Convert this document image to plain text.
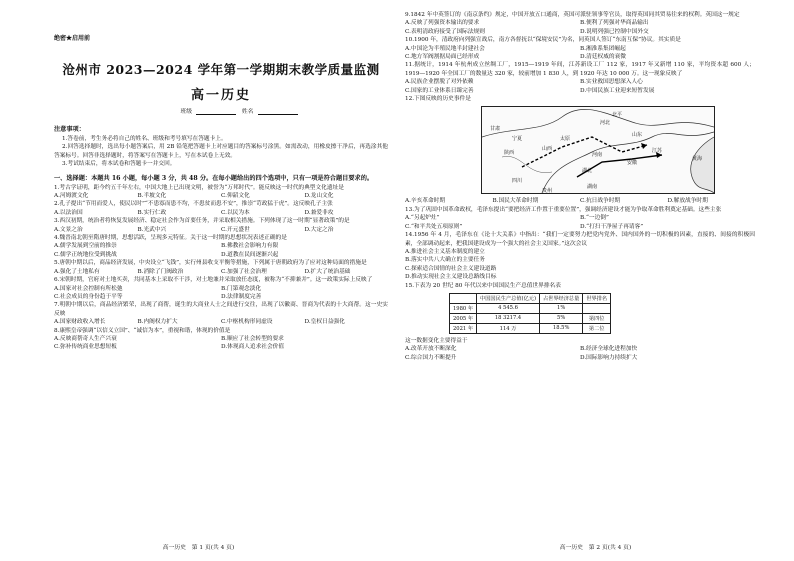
绝密★启用前
沧州市 2023—2024 学年第一学期期末教学质量监测
高一历史
班级	姓名
注意事项：

1.答卷前，考生务必将自己的姓名、班级和考号填写在答题卡上。

2.回答选择题时，选出每小题答案后，用 2B 铅笔把答题卡上对应题目的答案标号涂黑。如需改动，用橡皮擦干净后，再选涂其他答案标号。回答非选择题时，将答案写在答题卡上，写在本试卷上无效。

3.考试结束后，将本试卷和答题卡一并交回。

一、选择题：本题共 16 小题，每小题 3 分，共 48 分。在每小题给出的四个选项中，只有一项是符合题目要求的。

1.考古学证明，距今约五千年左右，中国大地上已出现文明，被誉为“万邦时代”。能反映这一时代的典型文化遗址是

A.河姆渡文化	B.半坡文化	C.仰韶文化	D.龙山文化

2.孔子提出“节用而爱人，使民以时”“不患寡而患不均，不患贫而患不安”，推崇“苛政猛于虎”。这反映孔子主张

A.以法治国	B.实行仁政	C.以民为本	D.兼爱非攻

3.西汉初期，统治者将恢复发展经济、稳定社会作为首要任务，并采取相关措施。下列体现了这一时期“显著政策”的是

A.文景之治	B.光武中兴	C.开元盛世	D.大定之治

4.魏晋南北朝至隋唐时期，思想活跃，呈现多元特征。关于这一时期的思想状况表述正确的是

A.儒学发展到空前的推崇	B.佛教社会影响力有限
C.儒学正统地位受到挑战	D.道教在民间逐渐兴起

5.唐朝中期以后，商品经济发展，中央设立“飞钱”，实行州县收支平衡等措施，下列属于唐朝政府为了应对这种局面的措施是

A.强化了土地私有	B.消除了门阀政治	C.加强了社会治理	D.扩大了统治基础

6.宋朝时期，官府对土地买卖，共同基本上采取不干涉，对土地兼并采取放任态度，被称为“不抑兼并”。这一政策实际上反映了

A.国家对社会控制有所松弛	B.门第观念淡化
C.社会成员的身份趋于平等	D.法律制度完善

7.明朝中期以后，商品经济繁荣，出现了商帮，诞生的大商业人士之间进行交往，出现了以徽商、晋商为代表的十大商帮。这一史实反映

A.国家财政收入增长	B.内阁权力扩大	C.中枢机构形同虚设	D.皇权日益强化

8.康熙皇帝强调“以信义立国”、“诚信为本”，重视和谐，体现的价值是

A.反映商帮奇人生产兴衰	B.顺应了社会转型的要求
C.弥补传统商业思想短板	D.体现商人追求社会价值
高一历史　第 1 页(共 4 页)

9.1842 年中英签订的《南京条约》规定，中国开放五口通商，英国可派驻领事等官员，取得英国同其贸易往来的权利。英国这一规定

A.反映了列强资本输出的要求	B.便利了列强对华商品输出
C.表明清政府接受了国际法规则	D.说明列强已控制中国外交

10.1900 年，清政府向列强宣战后，南方各督抚以“保境安民”为名，同英国人签订“东南互保”协议。其实质是

A.中国沦为半殖民地半封建社会	B.湘淮系集团崛起
C.地方军阀割据局面已经形成	D.清廷权威的衰微

11.据统计，1914 年杭州成立丝绸工厂，1915—1919 年间，江苏新设工厂 112 家，1917 年又新增 110 家，平均资本超 600 人；1919—1920 年全国工厂的数量达 320 家，较前增加 1 830 人，到 1920 年达 10 000 万。这一现象反映了

A.民族企业摆脱了对外依赖	B.实业救国思想深入人心
C.国家的工业体系日臻完善	D.中国民族工业迎来短暂发展

12.下图反映的历史事件是

陕西
甘肃
宁夏	太原
山西
河北
北平
山东
河南
江苏
安徽
湖北
四川
湖南
贵州
黄海
A.辛亥革命时期	B.国民大革命时期	C.抗日战争时期	D.解放战争时期

13.为了巩固中国革命政权，毛泽东提出“要把经济工作置于重要位置”，强调经济建设才能为争取革命胜利奠定基础。这些主张

A.“另起炉灶”	B.“一边倒”
C.“和平共处五项原则”	D.“打扫干净屋子再请客”

14.1956 年 4 月，毛泽东在《论十大关系》中指出：“我们一定要努力把党内党外、国内国外的一切积极的因素，直接的、间接的积极因素，全部调动起来，把我国建设成为一个强大的社会主义国家。”这次会议

A.推进社会主义基本制度的建立
B.落实中共八大确立的主要任务
C.探索适合国情的社会主义建设道路
D.推动实现社会主义建设总路线目标

15.下表为 20 世纪 80 年代以来中国国民生产总值世界排名表

	中国国民生产总值(亿元)	占世界经济总量	世界排名
1980 年	4 545.6	1%	
2005 年	18 3217.4	5%	第四位
2021 年	114 万	18.5%	第二位

这一数据变化主要得益于

A.改革开放不断深化	B.经济全球化进程加快
C.综合国力不断提升	D.国际影响力持续扩大
高一历史　第 2 页(共 4 页)
